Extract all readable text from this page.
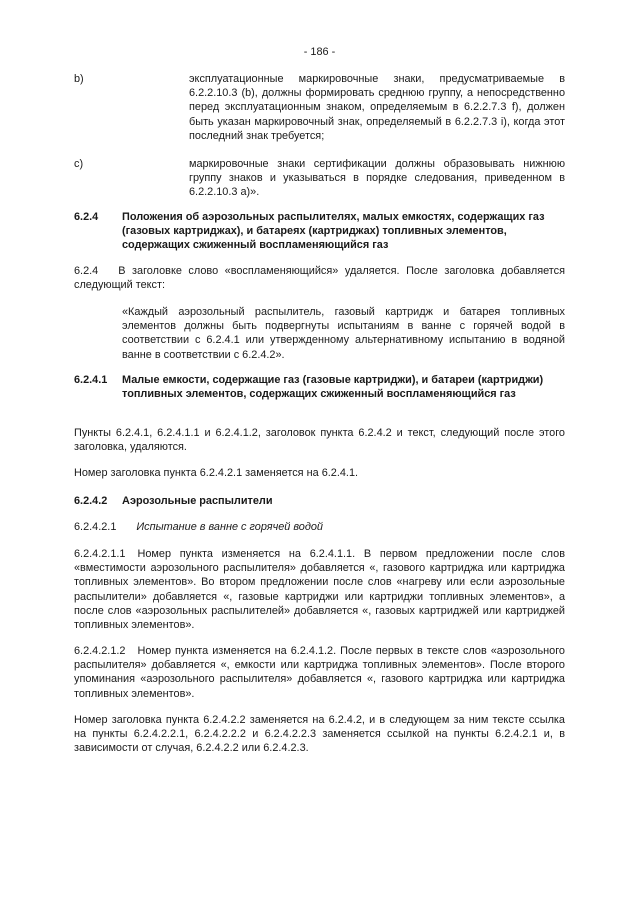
- 186 -
b)	эксплуатационные маркировочные знаки, предусматриваемые в 6.2.2.10.3 (b), должны формировать среднюю группу, а непосредственно перед эксплуатационным знаком, определяемым в 6.2.2.7.3 f), должен быть указан маркировочный знак, определяемый в 6.2.2.7.3 i), когда этот последний знак требуется;

c)	маркировочные знаки сертификации должны образовывать нижнюю группу знаков и указываться в порядке следования, приведенном в 6.2.2.10.3 a)».

6.2.4 Положения об аэрозольных распылителях, малых емкостях, содержащих газ (газовых картриджах), и батареях (картриджах) топливных элементов, содержащих сжиженный воспламеняющийся газ

6.2.4 В заголовке слово «воспламеняющийся» удаляется. После заголовка добавляется следующий текст:

«Каждый аэрозольный распылитель, газовый картридж и батарея топливных элементов должны быть подвергнуты испытаниям в ванне с горячей водой в соответствии с 6.2.4.1 или утвержденному альтернативному испытанию в водяной ванне в соответствии с 6.2.4.2».

6.2.4.1 Малые емкости, содержащие газ (газовые картриджи), и батареи (картриджи) топливных элементов, содержащих сжиженный воспламеняющийся газ

Пункты 6.2.4.1, 6.2.4.1.1 и 6.2.4.1.2, заголовок пункта 6.2.4.2 и текст, следующий после этого заголовка, удаляются.

Номер заголовка пункта 6.2.4.2.1 заменяется на 6.2.4.1.

6.2.4.2 Аэрозольные распылители

6.2.4.2.1 Испытание в ванне с горячей водой

6.2.4.2.1.1 Номер пункта изменяется на 6.2.4.1.1. В первом предложении после слов «вместимости аэрозольного распылителя» добавляется «, газового картриджа или картриджа топливных элементов». Во втором предложении после слов «нагреву или если аэрозольные распылители» добавляется «, газовые картриджи или картриджи топливных элементов», а после слов «аэрозольных распылителей» добавляется «, газовых картриджей или картриджей топливных элементов».

6.2.4.2.1.2 Номер пункта изменяется на 6.2.4.1.2. После первых в тексте слов «аэрозольного распылителя» добавляется «, емкости или картриджа топливных элементов». После второго упоминания «аэрозольного распылителя» добавляется «, газового картриджа или картриджа топливных элементов».

Номер заголовка пункта 6.2.4.2.2 заменяется на 6.2.4.2, и в следующем за ним тексте ссылка на пункты 6.2.4.2.2.1, 6.2.4.2.2.2 и 6.2.4.2.2.3 заменяется ссылкой на пункты 6.2.4.2.1 и, в зависимости от случая, 6.2.4.2.2 или 6.2.4.2.3.
